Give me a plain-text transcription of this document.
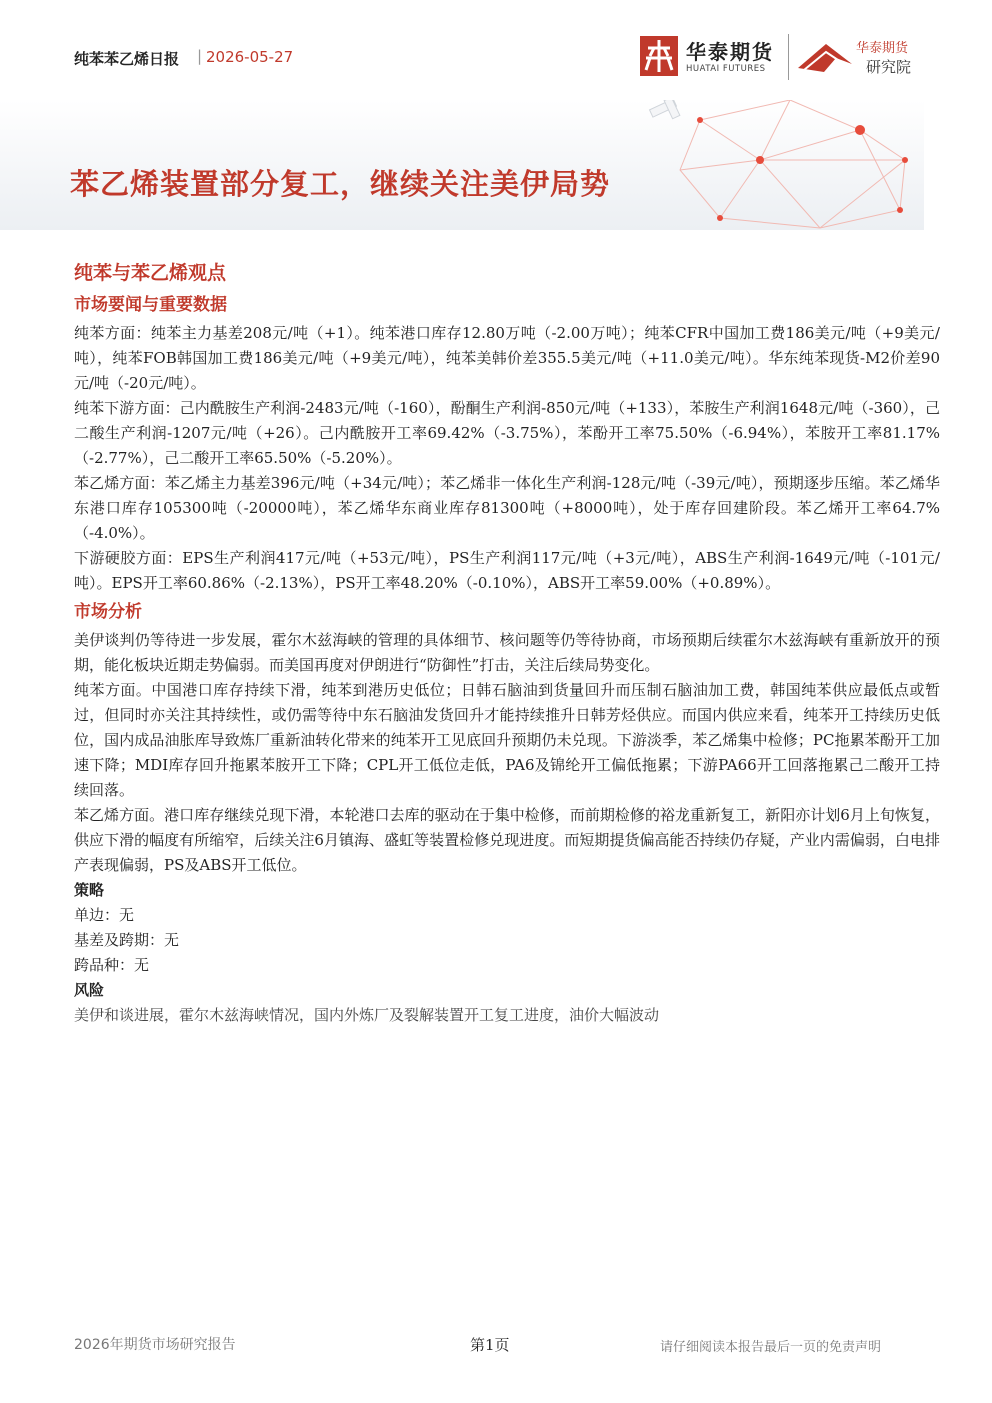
纯苯苯乙烯日报 | 2026-05-27	华泰期货
HUATAI FUTURES
华泰期货
研究院
苯乙烯装置部分复工，继续关注美伊局势
纯苯与苯乙烯观点
市场要闻与重要数据

纯苯方面：纯苯主力基差208元/吨（+1）。纯苯港口库存12.80万吨（-2.00万吨）；纯苯CFR中国加工费186美元/吨（+9美元/吨），纯苯FOB韩国加工费186美元/吨（+9美元/吨），纯苯美韩价差355.5美元/吨（+11.0美元/吨）。华东纯苯现货-M2价差90元/吨（-20元/吨）。

纯苯下游方面：己内酰胺生产利润-2483元/吨（-160），酚酮生产利润-850元/吨（+133），苯胺生产利润1648元/吨（-360），己二酸生产利润-1207元/吨（+26）。己内酰胺开工率69.42%（-3.75%），苯酚开工率75.50%（-6.94%），苯胺开工率81.17%（-2.77%），己二酸开工率65.50%（-5.20%）。

苯乙烯方面：苯乙烯主力基差396元/吨（+34元/吨）；苯乙烯非一体化生产利润-128元/吨（-39元/吨），预期逐步压缩。苯乙烯华东港口库存105300吨（-20000吨），苯乙烯华东商业库存81300吨（+8000吨），处于库存回建阶段。苯乙烯开工率64.7%（-4.0%）。

下游硬胶方面：EPS生产利润417元/吨（+53元/吨），PS生产利润117元/吨（+3元/吨），ABS生产利润-1649元/吨（-101元/吨）。EPS开工率60.86%（-2.13%），PS开工率48.20%（-0.10%），ABS开工率59.00%（+0.89%）。

市场分析

美伊谈判仍等待进一步发展，霍尔木兹海峡的管理的具体细节、核问题等仍等待协商，市场预期后续霍尔木兹海峡有重新放开的预期，能化板块近期走势偏弱。而美国再度对伊朗进行“防御性”打击，关注后续局势变化。

纯苯方面。中国港口库存持续下滑，纯苯到港历史低位；日韩石脑油到货量回升而压制石脑油加工费，韩国纯苯供应最低点或暂过，但同时亦关注其持续性，或仍需等待中东石脑油发货回升才能持续推升日韩芳烃供应。而国内供应来看，纯苯开工持续历史低位，国内成品油胀库导致炼厂重新油转化带来的纯苯开工见底回升预期仍未兑现。下游淡季，苯乙烯集中检修；PC拖累苯酚开工加速下降；MDI库存回升拖累苯胺开工下降；CPL开工低位走低，PA6及锦纶开工偏低拖累；下游PA66开工回落拖累己二酸开工持续回落。

苯乙烯方面。港口库存继续兑现下滑，本轮港口去库的驱动在于集中检修，而前期检修的裕龙重新复工，新阳亦计划6月上旬恢复，供应下滑的幅度有所缩窄，后续关注6月镇海、盛虹等装置检修兑现进度。而短期提货偏高能否持续仍存疑，产业内需偏弱，白电排产表现偏弱，PS及ABS开工低位。

策略

单边：无

基差及跨期：无

跨品种：无

风险

美伊和谈进展，霍尔木兹海峡情况，国内外炼厂及裂解装置开工复工进度，油价大幅波动

2026年期货市场研究报告	第1页	请仔细阅读本报告最后一页的免责声明
